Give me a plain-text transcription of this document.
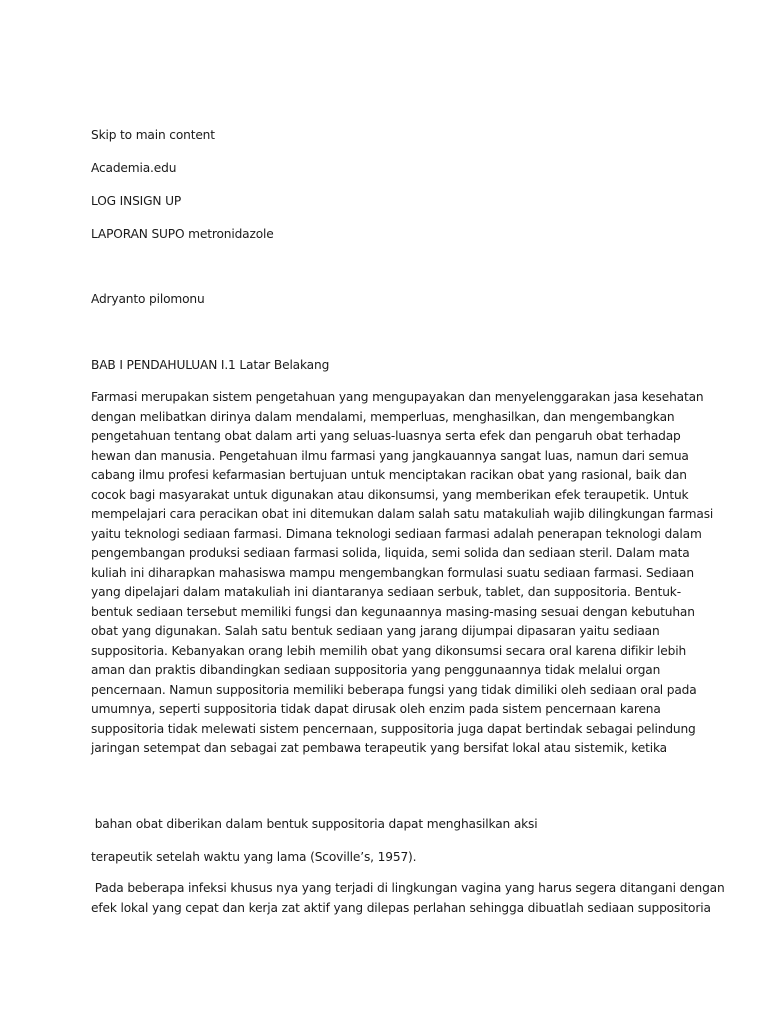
Skip to main content

Academia.edu

LOG INSIGN UP

LAPORAN SUPO metronidazole

Adryanto pilomonu

BAB I PENDAHULUAN I.1 Latar Belakang

Farmasi merupakan sistem pengetahuan yang mengupayakan dan menyelenggarakan jasa kesehatan
dengan melibatkan dirinya dalam mendalami, memperluas, menghasilkan, dan mengembangkan
pengetahuan tentang obat dalam arti yang seluas-luasnya serta efek dan pengaruh obat terhadap
hewan dan manusia. Pengetahuan ilmu farmasi yang jangkauannya sangat luas, namun dari semua
cabang ilmu profesi kefarmasian bertujuan untuk menciptakan racikan obat yang rasional, baik dan
cocok bagi masyarakat untuk digunakan atau dikonsumsi, yang memberikan efek teraupetik. Untuk
mempelajari cara peracikan obat ini ditemukan dalam salah satu matakuliah wajib dilingkungan farmasi
yaitu teknologi sediaan farmasi. Dimana teknologi sediaan farmasi adalah penerapan teknologi dalam
pengembangan produksi sediaan farmasi solida, liquida, semi solida dan sediaan steril. Dalam mata
kuliah ini diharapkan mahasiswa mampu mengembangkan formulasi suatu sediaan farmasi. Sediaan
yang dipelajari dalam matakuliah ini diantaranya sediaan serbuk, tablet, dan suppositoria. Bentuk-
bentuk sediaan tersebut memiliki fungsi dan kegunaannya masing-masing sesuai dengan kebutuhan
obat yang digunakan. Salah satu bentuk sediaan yang jarang dijumpai dipasaran yaitu sediaan
suppositoria. Kebanyakan orang lebih memilih obat yang dikonsumsi secara oral karena difikir lebih
aman dan praktis dibandingkan sediaan suppositoria yang penggunaannya tidak melalui organ
pencernaan. Namun suppositoria memiliki beberapa fungsi yang tidak dimiliki oleh sediaan oral pada
umumnya, seperti suppositoria tidak dapat dirusak oleh enzim pada sistem pencernaan karena
suppositoria tidak melewati sistem pencernaan, suppositoria juga dapat bertindak sebagai pelindung
jaringan setempat dan sebagai zat pembawa terapeutik yang bersifat lokal atau sistemik, ketika

bahan obat diberikan dalam bentuk suppositoria dapat menghasilkan aksi

terapeutik setelah waktu yang lama (Scoville’s, 1957).

Pada beberapa infeksi khusus nya yang terjadi di lingkungan vagina yang harus segera ditangani dengan
efek lokal yang cepat dan kerja zat aktif yang dilepas perlahan sehingga dibuatlah sediaan suppositoria
